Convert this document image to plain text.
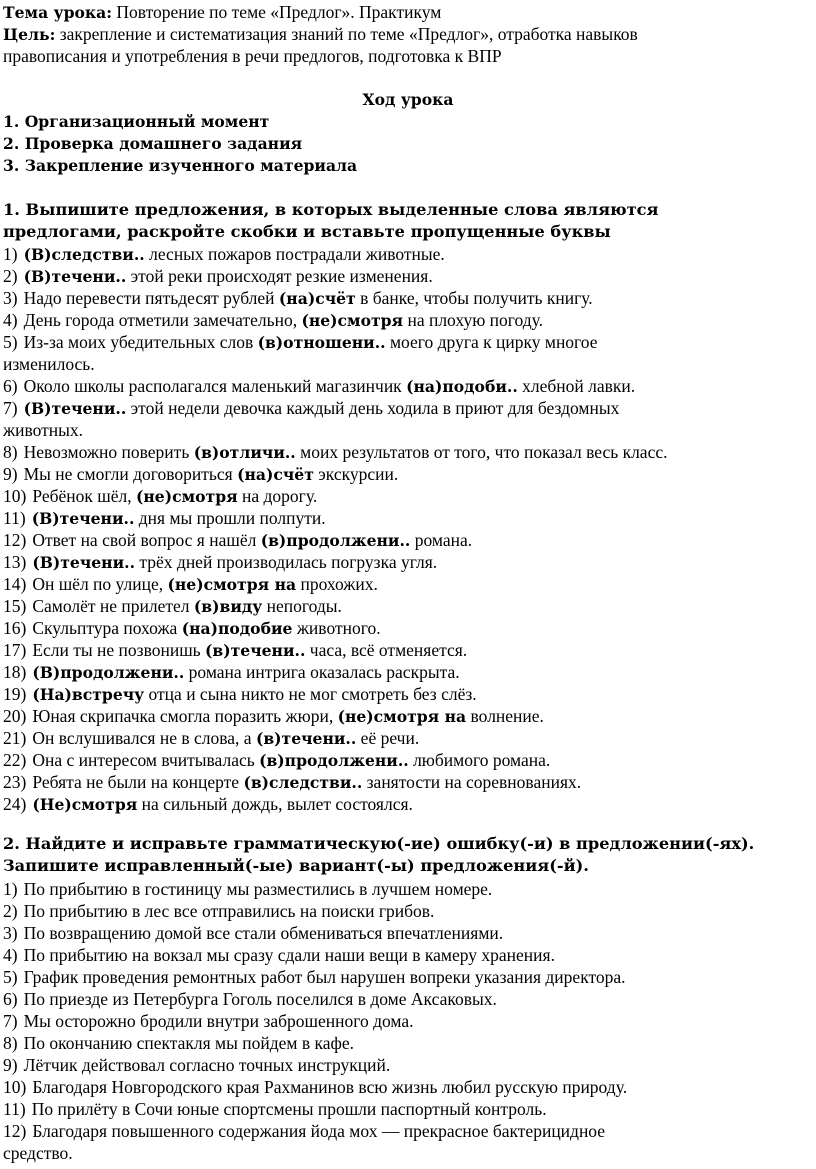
Тема урока: Повторение по теме «Предлог». Практикум
Цель: закрепление и систематизация знаний по теме «Предлог», отработка навыков
правописания и употребления в речи предлогов, подготовка к ВПР
Ход урока
1. Организационный момент
2. Проверка домашнего задания
3. Закрепление изученного материала
1. Выпишите предложения, в которых выделенные слова являются
предлогами, раскройте скобки и вставьте пропущенные буквы
1) (В)следстви.. лесных пожаров пострадали животные.
2) (В)течени.. этой реки происходят резкие изменения.
3) Надо перевести пятьдесят рублей (на)счёт в банке, чтобы получить книгу.
4) День города отметили замечательно, (не)смотря на плохую погоду.
5) Из-за моих убедительных слов (в)отношени.. моего друга к цирку многое
изменилось.
6) Около школы располагался маленький магазинчик (на)подоби.. хлебной лавки.
7) (В)течени.. этой недели девочка каждый день ходила в приют для бездомных
животных.
8) Невозможно поверить (в)отличи.. моих результатов от того, что показал весь класс.
9) Мы не смогли договориться (на)счёт экскурсии.
10) Ребёнок шёл, (не)смотря на дорогу.
11) (В)течени.. дня мы прошли полпути.
12) Ответ на свой вопрос я нашёл (в)продолжени.. романа.
13) (В)течени.. трёх дней производилась погрузка угля.
14) Он шёл по улице, (не)смотря на прохожих.
15) Самолёт не прилетел (в)виду непогоды.
16) Скульптура похожа (на)подобие животного.
17) Если ты не позвонишь (в)течени.. часа, всё отменяется.
18) (В)продолжени.. романа интрига оказалась раскрыта.
19) (На)встречу отца и сына никто не мог смотреть без слёз.
20) Юная скрипачка смогла поразить жюри, (не)смотря на волнение.
21) Он вслушивался не в слова, а (в)течени.. её речи.
22) Она с интересом вчитывалась (в)продолжени.. любимого романа.
23) Ребята не были на концерте (в)следстви.. занятости на соревнованиях.
24) (Не)смотря на сильный дождь, вылет состоялся.
2. Найдите и исправьте грамматическую(-ие) ошибку(-и) в предложении(-ях).
Запишите исправленный(-ые) вариант(-ы) предложения(-й).
1) По прибытию в гостиницу мы разместились в лучшем номере.
2) По прибытию в лес все отправились на поиски грибов.
3) По возвращению домой все стали обмениваться впечатлениями.
4) По прибытию на вокзал мы сразу сдали наши вещи в камеру хранения.
5) График проведения ремонтных работ был нарушен вопреки указания директора.
6) По приезде из Петербурга Гоголь поселился в доме Аксаковых.
7) Мы осторожно бродили внутри заброшенного дома.
8) По окончанию спектакля мы пойдем в кафе.
9) Лётчик действовал согласно точных инструкций.
10) Благодаря Новгородского края Рахманинов всю жизнь любил русскую природу.
11) По прилёту в Сочи юные спортсмены прошли паспортный контроль.
12) Благодаря повышенного содержания йода мох — прекрасное бактерицидное
средство.
